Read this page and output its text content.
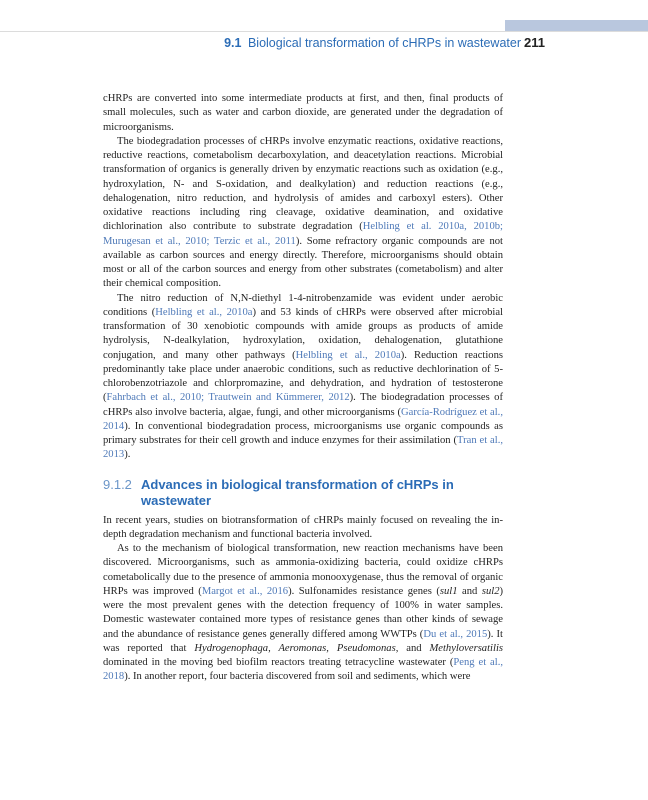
9.1 Biological transformation of cHRPs in wastewater 211

cHRPs are converted into some intermediate products at first, and then, final products of small molecules, such as water and carbon dioxide, are generated under the degradation of microorganisms.

The biodegradation processes of cHRPs involve enzymatic reactions, oxidative reactions, reductive reactions, cometabolism decarboxylation, and deacetylation reactions. Microbial transformation of organics is generally driven by enzymatic reactions such as oxidation (e.g., hydroxylation, N- and S-oxidation, and dealkylation) and reduction reactions (e.g., dehalogenation, nitro reduction, and hydrolysis of amides and carboxyl esters). Other oxidative reactions including ring cleavage, oxidative deamination, and oxidative dichlorination also contribute to substrate degradation (Helbling et al. 2010a, 2010b; Murugesan et al., 2010; Terzic et al., 2011). Some refractory organic compounds are not available as carbon sources and energy directly. Therefore, microorganisms should obtain most or all of the carbon sources and energy from other substrates (cometabolism) and alter their chemical composition.

The nitro reduction of N,N-diethyl 1-4-nitrobenzamide was evident under aerobic conditions (Helbling et al., 2010a) and 53 kinds of cHRPs were observed after microbial transformation of 30 xenobiotic compounds with amide groups as products of amide hydrolysis, N-dealkylation, hydroxylation, oxidation, dehalogenation, glutathione conjugation, and many other pathways (Helbling et al., 2010a). Reduction reactions predominantly take place under anaerobic conditions, such as reductive dechlorination of 5-chlorobenzotriazole and chlorpromazine, and dehydration, and hydration of testosterone (Fahrbach et al., 2010; Trautwein and Kümmerer, 2012). The biodegradation processes of cHRPs also involve bacteria, algae, fungi, and other microorganisms (García-Rodríguez et al., 2014). In conventional biodegradation process, microorganisms use organic compounds as primary substrates for their cell growth and induce enzymes for their assimilation (Tran et al., 2013).

9.1.2 Advances in biological transformation of cHRPs in wastewater

In recent years, studies on biotransformation of cHRPs mainly focused on revealing the in-depth degradation mechanism and functional bacteria involved.

As to the mechanism of biological transformation, new reaction mechanisms have been discovered. Microorganisms, such as ammonia-oxidizing bacteria, could oxidize cHRPs cometabolically due to the presence of ammonia monooxygenase, thus the removal of organic HRPs was improved (Margot et al., 2016). Sulfonamides resistance genes (sul1 and sul2) were the most prevalent genes with the detection frequency of 100% in water samples. Domestic wastewater contained more types of resistance genes than other kinds of sewage and the abundance of resistance genes generally differed among WWTPs (Du et al., 2015). It was reported that Hydrogenophaga, Aeromonas, Pseudomonas, and Methyloversatilis dominated in the moving bed biofilm reactors treating tetracycline wastewater (Peng et al., 2018). In another report, four bacteria discovered from soil and sediments, which were
